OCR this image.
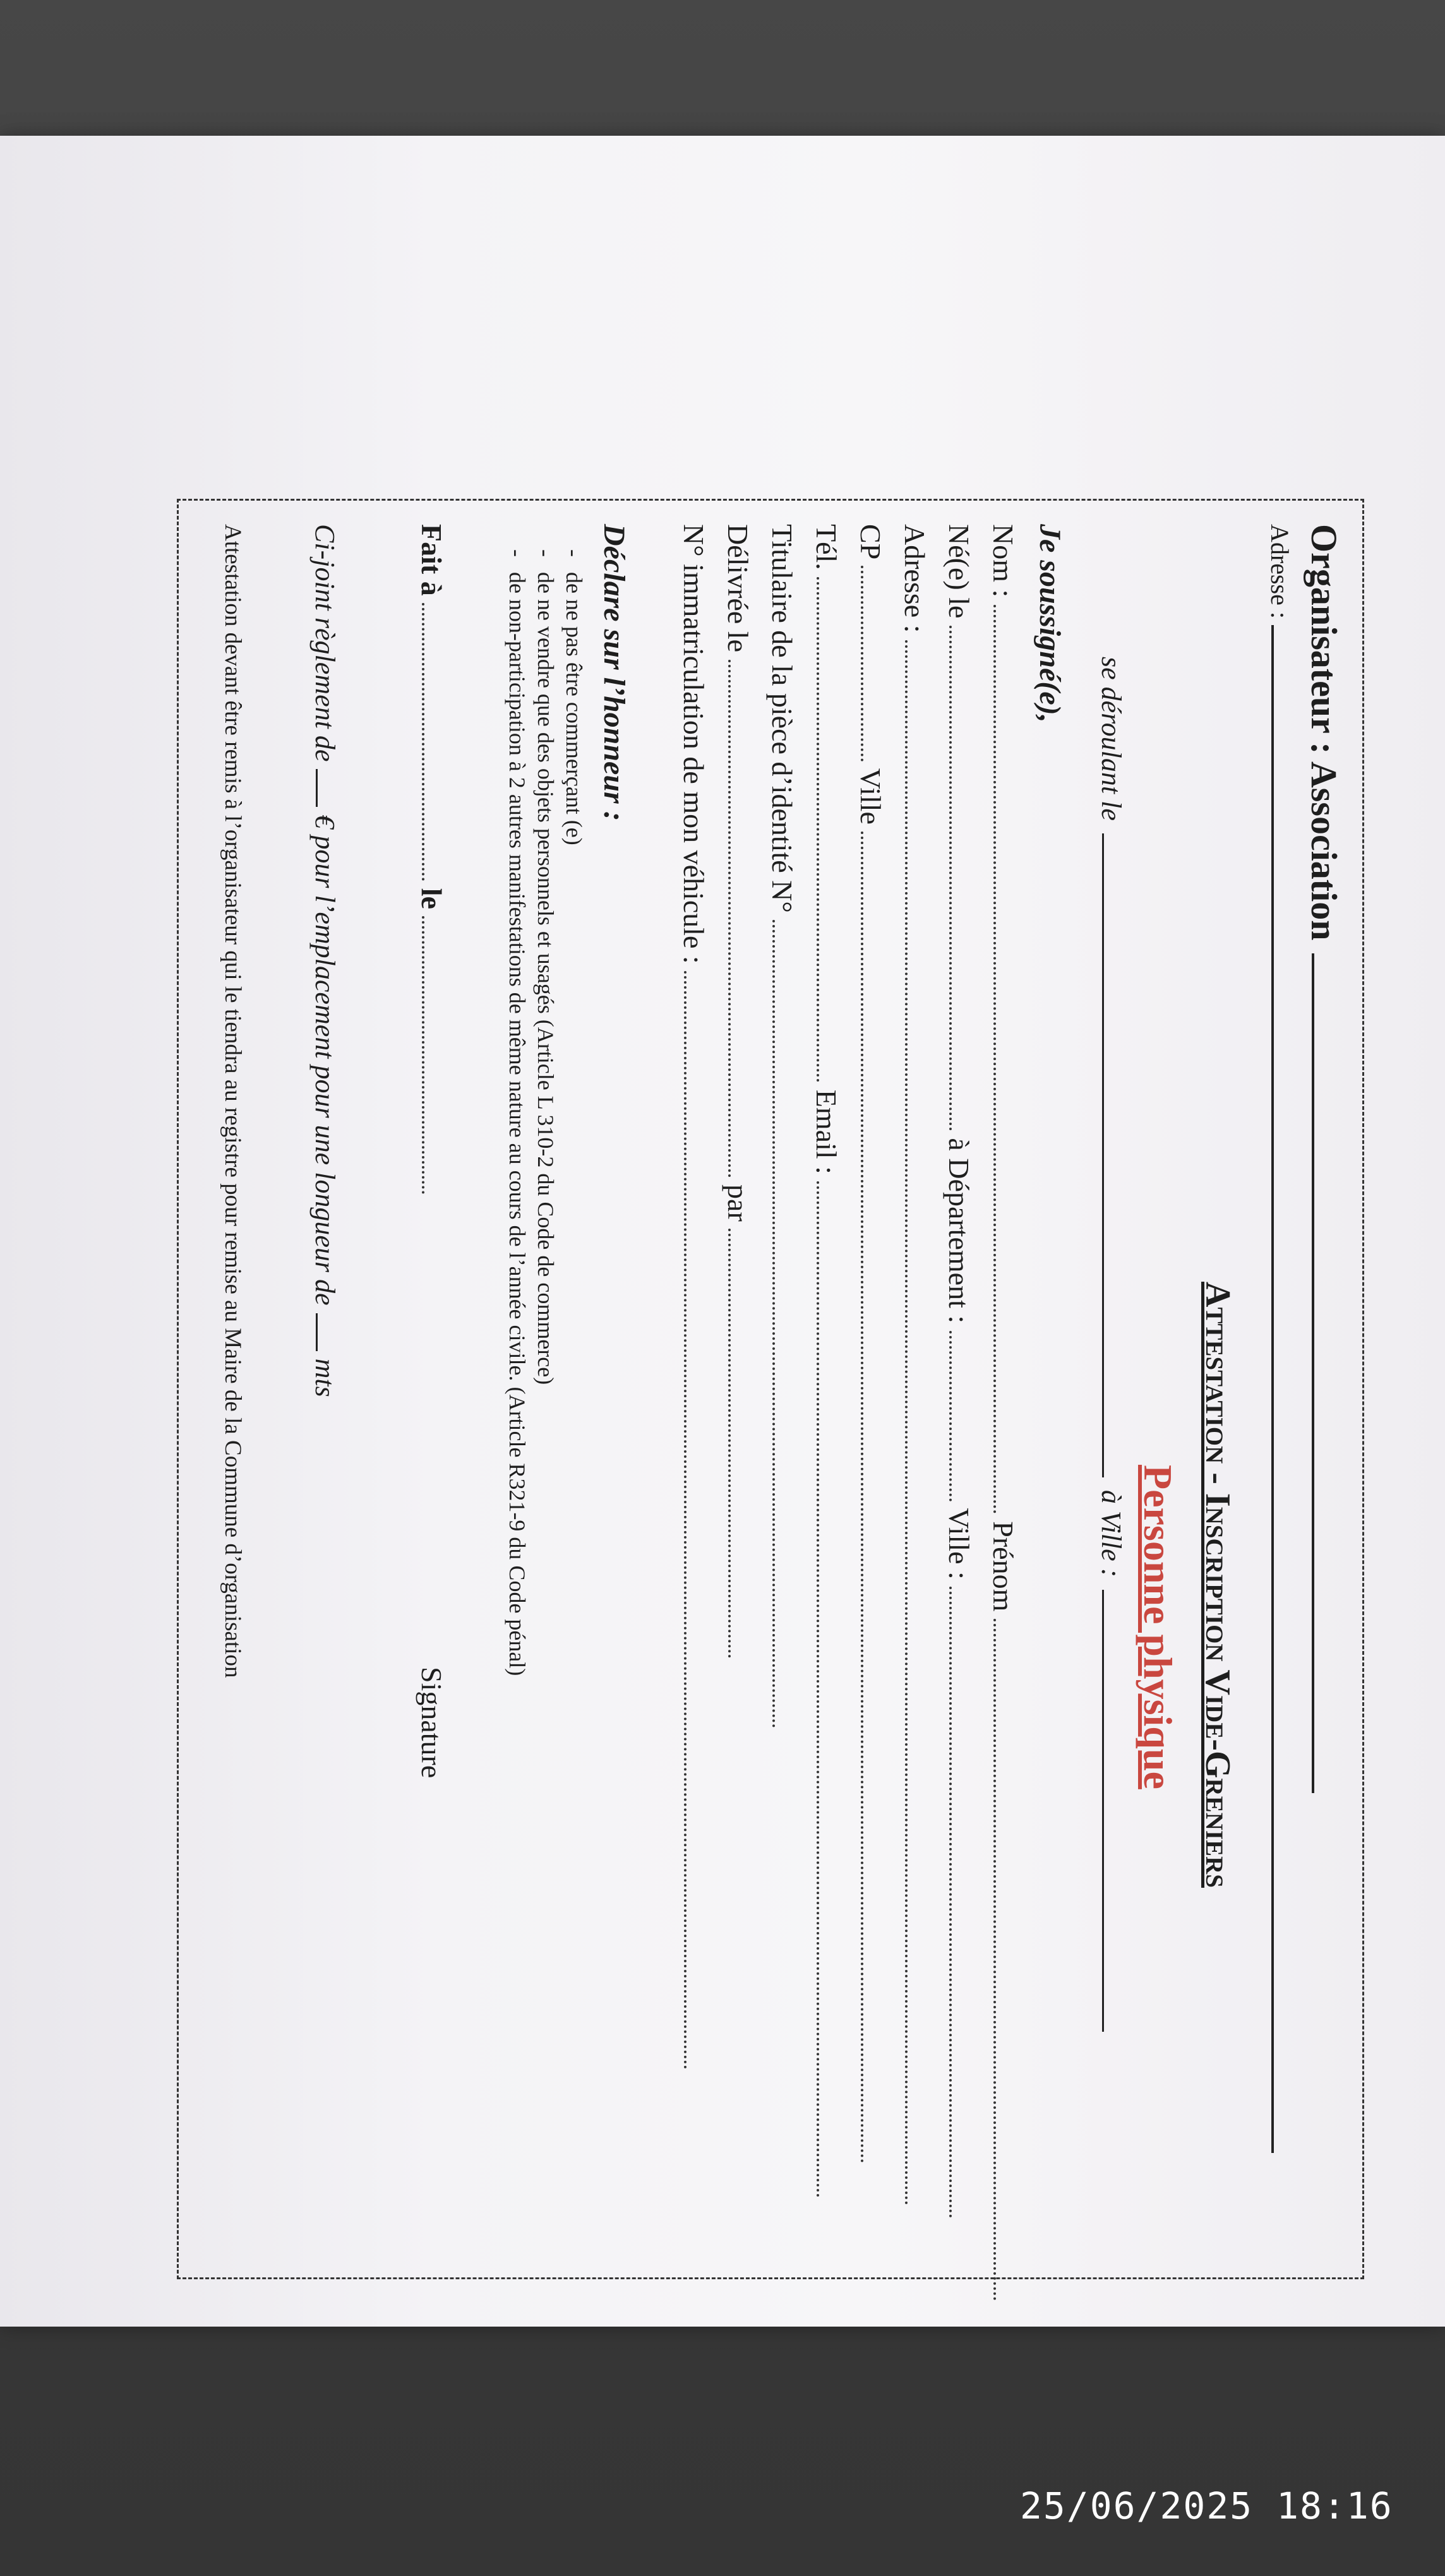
Organisateur : Association
Adresse :
Attestation - Inscription Vide-Greniers
Personne physique
se déroulant leà Ville :
Je soussigné(e),
Nom :  Prénom
Né(e) le  à Département :  Ville :
Adresse :
CP  Ville
Tél.  Email :
Titulaire de la pièce d’identité N°
Délivrée le  par
N° immatriculation de mon véhicule :
Déclare sur l’honneur :
- de ne pas être commerçant (e)
- de ne vendre que des objets personnels et usagés (Article L 310-2 du Code de commerce)
- de non-participation à 2 autres manifestations de même nature au cours de l’année civile. (Article R321-9 du Code pénal)
Fait à  le
Signature
Ci-joint règlement de€ pour l’emplacement pour une longueur demts
Attestation devant être remis à l’organisateur qui le tiendra au registre pour remise au Maire de la Commune d’organisation
25/06/2025 18:16
